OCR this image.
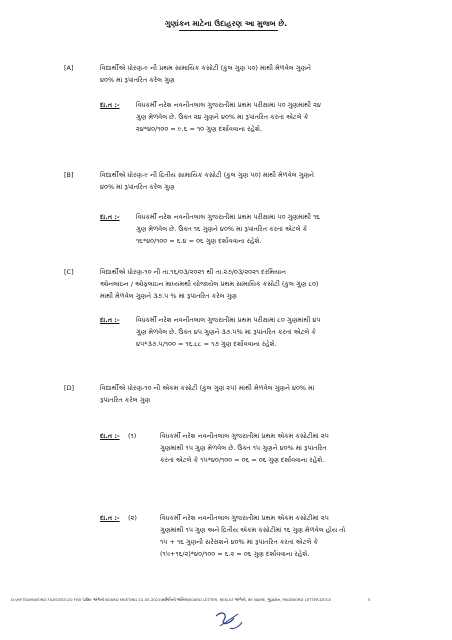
ગુણાંકન માટેના ઉદાહરણ આ મુજબ છે.
[A]	વિદ્યાર્થીએ ધોરણ-૯ ની પ્રથમ સામાયિક કસોટી (કુલ ગુણ ૫૦) માંથી મેળવેલ ગુણને
૪૦% માં રૂપાંતરિત કરેલ ગુણ
દા.ત :-	વિધકર્મી નરેશ નવનીતલાલ ગુજરાતીમાં પ્રથમ પરીક્ષામાં ૫૦ ગુણમાંથી ૨૪
ગુણ મેળવેલ છે. ઉક્ત ૨૪ ગુણને ૪૦% માં રૂપાંતરિત કરતાં એટલે કે
૨૪*૪૦/૧૦૦ = ૯.૬ = ૧૦ ગુણ દર્શાવવાના રહેશે.
[B]	વિદ્યાર્થીએ ધોરણ-૯ ની દ્રિતીય સામાયિક કસોટી (કુલ ગુણ ૫૦) માંથી મેળવેલ ગુણને
૪૦% માં રૂપાંતરિત કરેલ ગુણ
દા.ત :-	વિધકર્મી નરેશ નવનીતલાલ ગુજરાતીમાં પ્રથમ પરીક્ષામાં ૫૦ ગુણમાંથી ૧૬
ગુણ મેળવેલ છે. ઉક્ત ૧૬ ગુણને ૪૦% માં રૂપાંતરિત કરતાં એટલે કે
૧૬*૪૦/૧૦૦ = ૬.૪ = ૦૬ ગુણ દર્શાવવાના રહેશે.
[C]	વિદ્યાર્થીએ ધોરણ-૧૦ ની તા.૧૬/૦૩/૨૦૨૧ થી તા.૨૭/૦૩/૨૦૨૧ દરમિયાન
ઓનલાઇન / ઓફલાઇન માધ્યમથી યોજાયેલ પ્રથમ સામાયિક કસોટી (કુલ ગુણ ૮૦)
માંથી મેળવેલ ગુણને ૩૭.૫ % માં રૂપાંતરિત કરેલ ગુણ
દા.ત :-	વિધકર્મી નરેશ નવનીતલાલ ગુજરાતીમાં પ્રથમ પરીક્ષામાં ૮૦ ગુણમાંથી ૪૫
ગુણ મેળવેલ છે. ઉક્ત ૪૫ ગુણને ૩૭.૫% માં રૂપાંતરિત કરતાં એટલે કે
૪૫*૩૭.૫/૧૦૦ = ૧૬.૮૮ = ૧૭ ગુણ દર્શાવવાના રહેશે.
[D]	વિદ્યાર્થીએ ધોરણ-૧૦ ની એકમ કસોટી (કુલ ગુણ ૨૫) માંથી મેળવેલ ગુણને ૪૦% માં
રૂપાંતરિત કરેલ ગુણ
દા.ત :- (૧)	વિધકર્મી નરેશ નવનીતલાલ ગુજરાતીમાં પ્રથમ એકમ કસોટીમાં ૨૫
ગુણમાંથી ૧૫ ગુણ મેળવેલ છે. ઉક્ત ૧૫ ગુણને ૪૦% માં રૂપાંતરિત
કરતાં એટલે કે ૧૫*૪૦/૧૦૦ = ૦૬ = ૦૬ ગુણ દર્શાવવાના રહેશે.
દા.ત :- (૨)	વિધકર્મી નરેશ નવનીતલાલ ગુજરાતીમાં પ્રથમ એકમ કસોટીમાં ૨૫
ગુણમાંથી ૧૫ ગુણ અને દ્રિતીય એકમ કસોટીમાં ૧૬ ગુણ મેળવેલ હોય તો
૧૫ + ૧૬ ગુણની સરેરાશને ૪૦% માં રૂપાંતરિત કરતાં એટલે કે
(૧૫+૧૬/૨)*૪૦/૧૦૦ = ૬.૨ = ૦૬ ગુણ દર્શાવવાના રહેશે.
D:\MYTEAM\WORD FILES\SSC\10 FEB 'પ્રવેશ' અંગેની BOARD MEETING 22-05-2021\સમિતિની અંતિમ\BOARD LETTER, RESULT અંગેની, BY NAME, ગુણાંકન, PAGEBORD LETTER.DOCX	5
